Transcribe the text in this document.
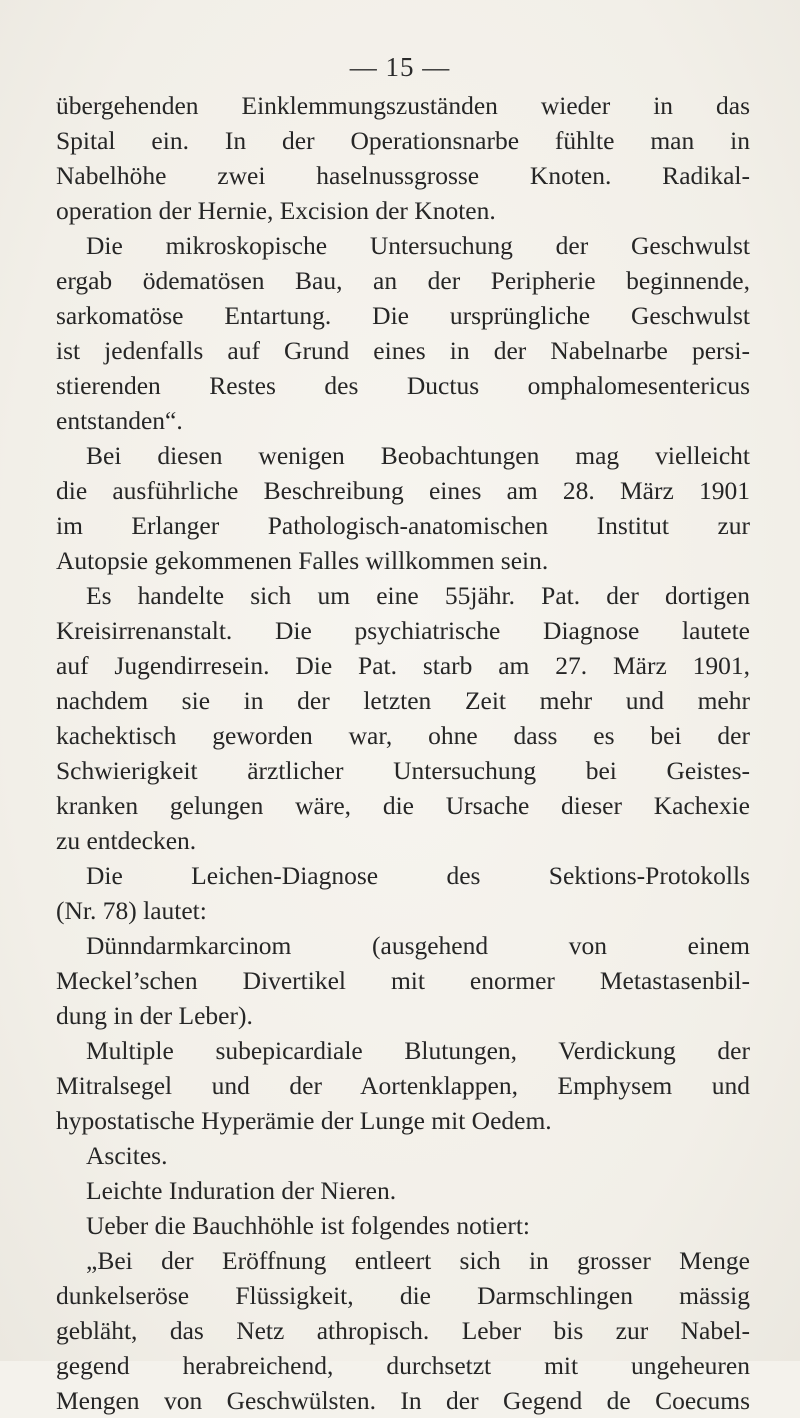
— 15 —
übergehenden Einklemmungszuständen wieder in das
Spital ein. In der Operationsnarbe fühlte man in
Nabelhöhe zwei haselnussgrosse Knoten. Radikal-
operation der Hernie, Excision der Knoten.
Die mikroskopische Untersuchung der Geschwulst
ergab ödematösen Bau, an der Peripherie beginnende,
sarkomatöse Entartung. Die ursprüngliche Geschwulst
ist jedenfalls auf Grund eines in der Nabelnarbe persi-
stierenden Restes des Ductus omphalomesentericus
entstanden“.
Bei diesen wenigen Beobachtungen mag vielleicht
die ausführliche Beschreibung eines am 28. März 1901
im Erlanger Pathologisch-anatomischen Institut zur
Autopsie gekommenen Falles willkommen sein.
Es handelte sich um eine 55jähr. Pat. der dortigen
Kreisirrenanstalt. Die psychiatrische Diagnose lautete
auf Jugendirresein. Die Pat. starb am 27. März 1901,
nachdem sie in der letzten Zeit mehr und mehr
kachektisch geworden war, ohne dass es bei der
Schwierigkeit ärztlicher Untersuchung bei Geistes-
kranken gelungen wäre, die Ursache dieser Kachexie
zu entdecken.
Die Leichen-Diagnose des Sektions-Protokolls
(Nr. 78) lautet:
Dünndarmkarcinom (ausgehend von einem
Meckel’schen Divertikel mit enormer Metastasenbil-
dung in der Leber).
Multiple subepicardiale Blutungen, Verdickung der
Mitralsegel und der Aortenklappen, Emphysem und
hypostatische Hyperämie der Lunge mit Oedem.
Ascites.
Leichte Induration der Nieren.
Ueber die Bauchhöhle ist folgendes notiert:
„Bei der Eröffnung entleert sich in grosser Menge
dunkelseröse Flüssigkeit, die Darmschlingen mässig
gebläht, das Netz athropisch. Leber bis zur Nabel-
gegend herabreichend, durchsetzt mit ungeheuren
Mengen von Geschwülsten. In der Gegend de Coecums
